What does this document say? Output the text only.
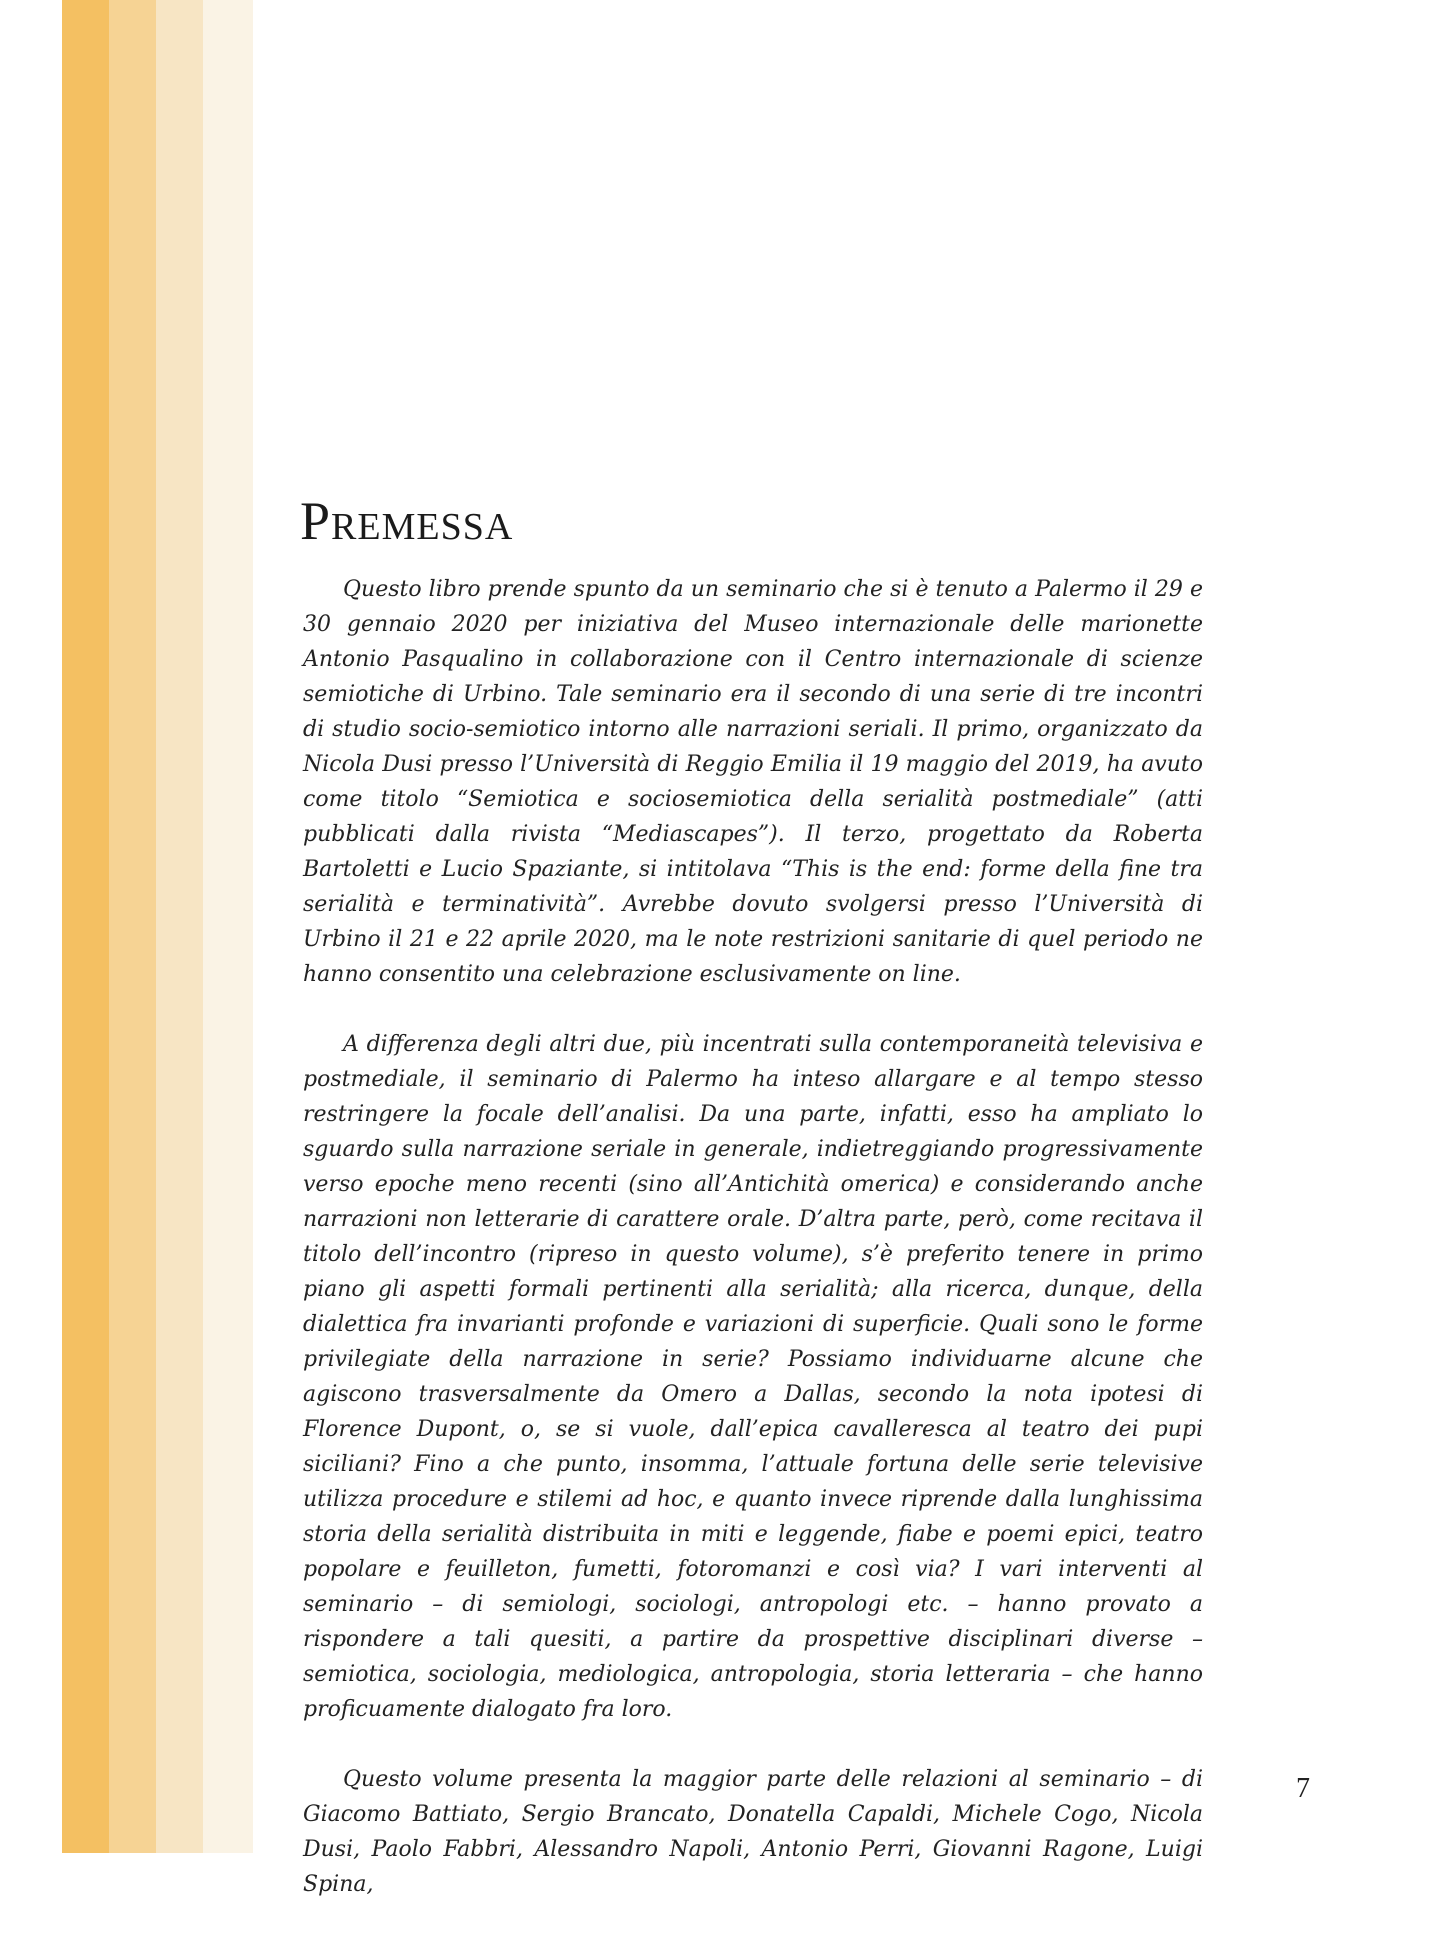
Premessa

Questo libro prende spunto da un seminario che si è tenuto a Palermo il 29 e 30 gennaio 2020 per iniziativa del Museo internazionale delle marionette Antonio Pasqualino in collaborazione con il Centro internazionale di scienze semiotiche di Urbino. Tale seminario era il secondo di una serie di tre incontri di studio socio-semiotico intorno alle narrazioni seriali. Il primo, organizzato da Nicola Dusi presso l’Università di Reggio Emilia il 19 maggio del 2019, ha avuto come titolo “Semiotica e sociosemiotica della serialità postmediale” (atti pubblicati dalla rivista “Mediascapes”). Il terzo, progettato da Roberta Bartoletti e Lucio Spaziante, si intitolava “This is the end: forme della fine tra serialità e terminatività”. Avrebbe dovuto svolgersi presso l’Università di Urbino il 21 e 22 aprile 2020, ma le note restrizioni sanitarie di quel periodo ne hanno consentito una celebrazione esclusivamente on line.

A differenza degli altri due, più incentrati sulla contemporaneità televisiva e postmediale, il seminario di Palermo ha inteso allargare e al tempo stesso restringere la focale dell’analisi. Da una parte, infatti, esso ha ampliato lo sguardo sulla narrazione seriale in generale, indietreggiando progressivamente verso epoche meno recenti (sino all’Antichità omerica) e considerando anche narrazioni non letterarie di carattere orale. D’altra parte, però, come recitava il titolo dell’incontro (ripreso in questo volume), s’è preferito tenere in primo piano gli aspetti formali pertinenti alla serialità; alla ricerca, dunque, della dialettica fra invarianti profonde e variazioni di superficie. Quali sono le forme privilegiate della narrazione in serie? Possiamo individuarne alcune che agiscono trasversalmente da Omero a Dallas, secondo la nota ipotesi di Florence Dupont, o, se si vuole, dall’epica cavalleresca al teatro dei pupi siciliani? Fino a che punto, insomma, l’attuale fortuna delle serie televisive utilizza procedure e stilemi ad hoc, e quanto invece riprende dalla lunghissima storia della serialità distribuita in miti e leggende, fiabe e poemi epici, teatro popolare e feuilleton, fumetti, fotoromanzi e così via? I vari interventi al seminario – di semiologi, sociologi, antropologi etc. – hanno provato a rispondere a tali quesiti, a partire da prospettive disciplinari diverse – semiotica, sociologia, mediologica, antropologia, storia letteraria – che hanno proficuamente dialogato fra loro.

Questo volume presenta la maggior parte delle relazioni al seminario – di Giacomo Battiato, Sergio Brancato, Donatella Capaldi, Michele Cogo, Nicola Dusi, Paolo Fabbri, Alessandro Napoli, Antonio Perri, Giovanni Ragone, Luigi Spina,

7
